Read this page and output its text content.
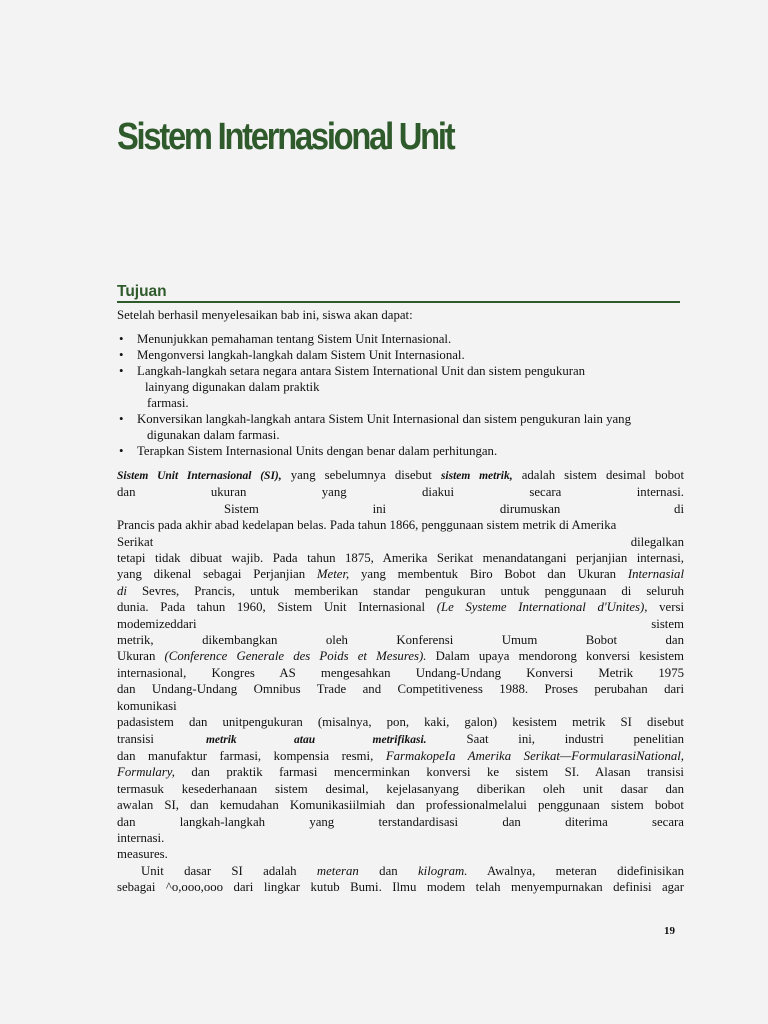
Sistem Internasional Unit
Tujuan
Setelah berhasil menyelesaikan bab ini, siswa akan dapat:
• Menunjukkan pemahaman tentang Sistem Unit Internasional.
• Mengonversi langkah-langkah dalam Sistem Unit Internasional.
• Langkah-langkah setara negara antara Sistem International Unit dan sistem pengukuran
lainyang digunakan dalam praktik
farmasi.
• Konversikan langkah-langkah antara Sistem Unit Internasional dan sistem pengukuran lain yang
digunakan dalam farmasi.
• Terapkan Sistem Internasional Units dengan benar dalam perhitungan.

Sistem Unit Internasional (SI), yang sebelumnya disebut sistem metrik, adalah sistem desimal bobot

dan ukuran yang diakui secara internasi.

Sistem ini dirumuskan di

Prancis pada akhir abad kedelapan belas. Pada tahun 1866, penggunaan sistem metrik di Amerika

Serikat dilegalkan

tetapi tidak dibuat wajib. Pada tahun 1875, Amerika Serikat menandatangani perjanjian internasi,

yang dikenal sebagai Perjanjian Meter, yang membentuk Biro Bobot dan Ukuran Internasial

di Sevres, Prancis, untuk memberikan standar pengukuran untuk penggunaan di seluruh

dunia. Pada tahun 1960, Sistem Unit Internasional (Le Systeme International d'Unites), versi

modemizeddari sistem

metrik, dikembangkan oleh Konferensi Umum Bobot dan

Ukuran (Conference Generale des Poids et Mesures). Dalam upaya mendorong konversi kesistem

internasional, Kongres AS mengesahkan Undang-Undang Konversi Metrik 1975

dan Undang-Undang Omnibus Trade and Competitiveness 1988. Proses perubahan dari

komunikasi

padasistem dan unitpengukuran (misalnya, pon, kaki, galon) kesistem metrik SI disebut

transisi	metrik atau metrifikasi.	Saat ini, industri penelitian

dan manufaktur farmasi, kompensia resmi, FarmakopeIa Amerika Serikat—FormularasiNational,

Formulary, dan praktik farmasi mencerminkan konversi ke sistem SI. Alasan transisi

termasuk kesederhanaan sistem desimal, kejelasanyang diberikan oleh unit dasar dan

awalan SI, dan kemudahan Komunikasiilmiah dan professionalmelalui penggunaan sistem bobot

dan langkah-langkah yang terstandardisasi dan diterima secara

internasi.

measures.

Unit dasar SI adalah meteran dan kilogram. Awalnya, meteran didefinisikan

sebagai ^o,ooo,ooo dari lingkar kutub Bumi. Ilmu modem telah menyempurnakan definisi agar

19
